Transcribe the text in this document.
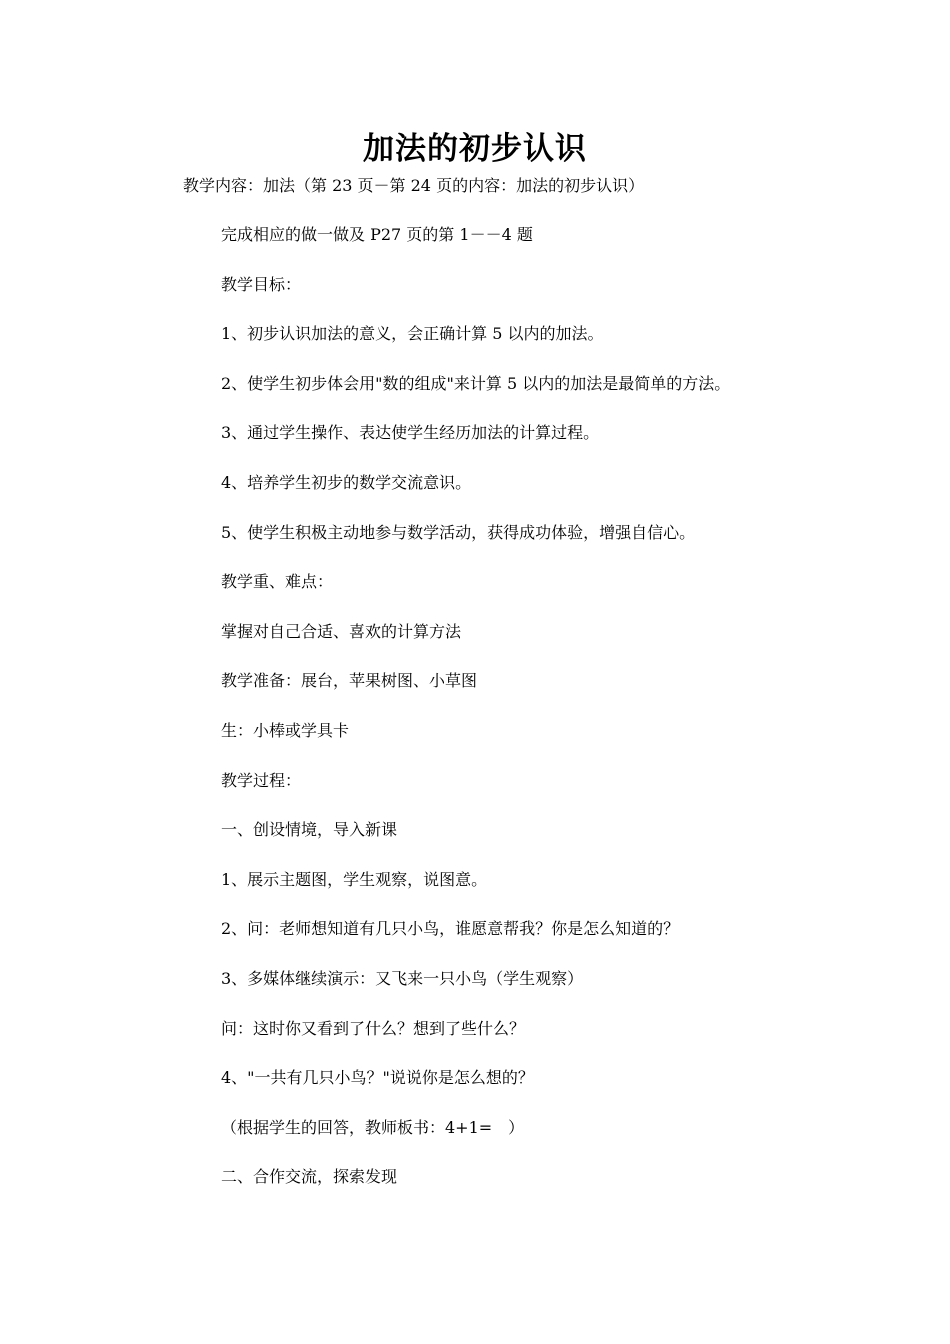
加法的初步认识
教学内容：加法（第 23 页－第 24 页的内容：加法的初步认识）
完成相应的做一做及 P27 页的第 1－－4 题
教学目标：
1、初步认识加法的意义，会正确计算 5 以内的加法。
2、使学生初步体会用"数的组成"来计算 5 以内的加法是最简单的方法。
3、通过学生操作、表达使学生经历加法的计算过程。
4、培养学生初步的数学交流意识。
5、使学生积极主动地参与数学活动，获得成功体验，增强自信心。
教学重、难点：
掌握对自己合适、喜欢的计算方法
教学准备：展台，苹果树图、小草图
生：小棒或学具卡
教学过程：
一、创设情境，导入新课
1、展示主题图，学生观察，说图意。
2、问：老师想知道有几只小鸟，谁愿意帮我？你是怎么知道的？
3、多媒体继续演示：又飞来一只小鸟（学生观察）
问：这时你又看到了什么？想到了些什么？
4、"一共有几只小鸟？"说说你是怎么想的？
（根据学生的回答，教师板书：4+1=　）
二、合作交流，探索发现
